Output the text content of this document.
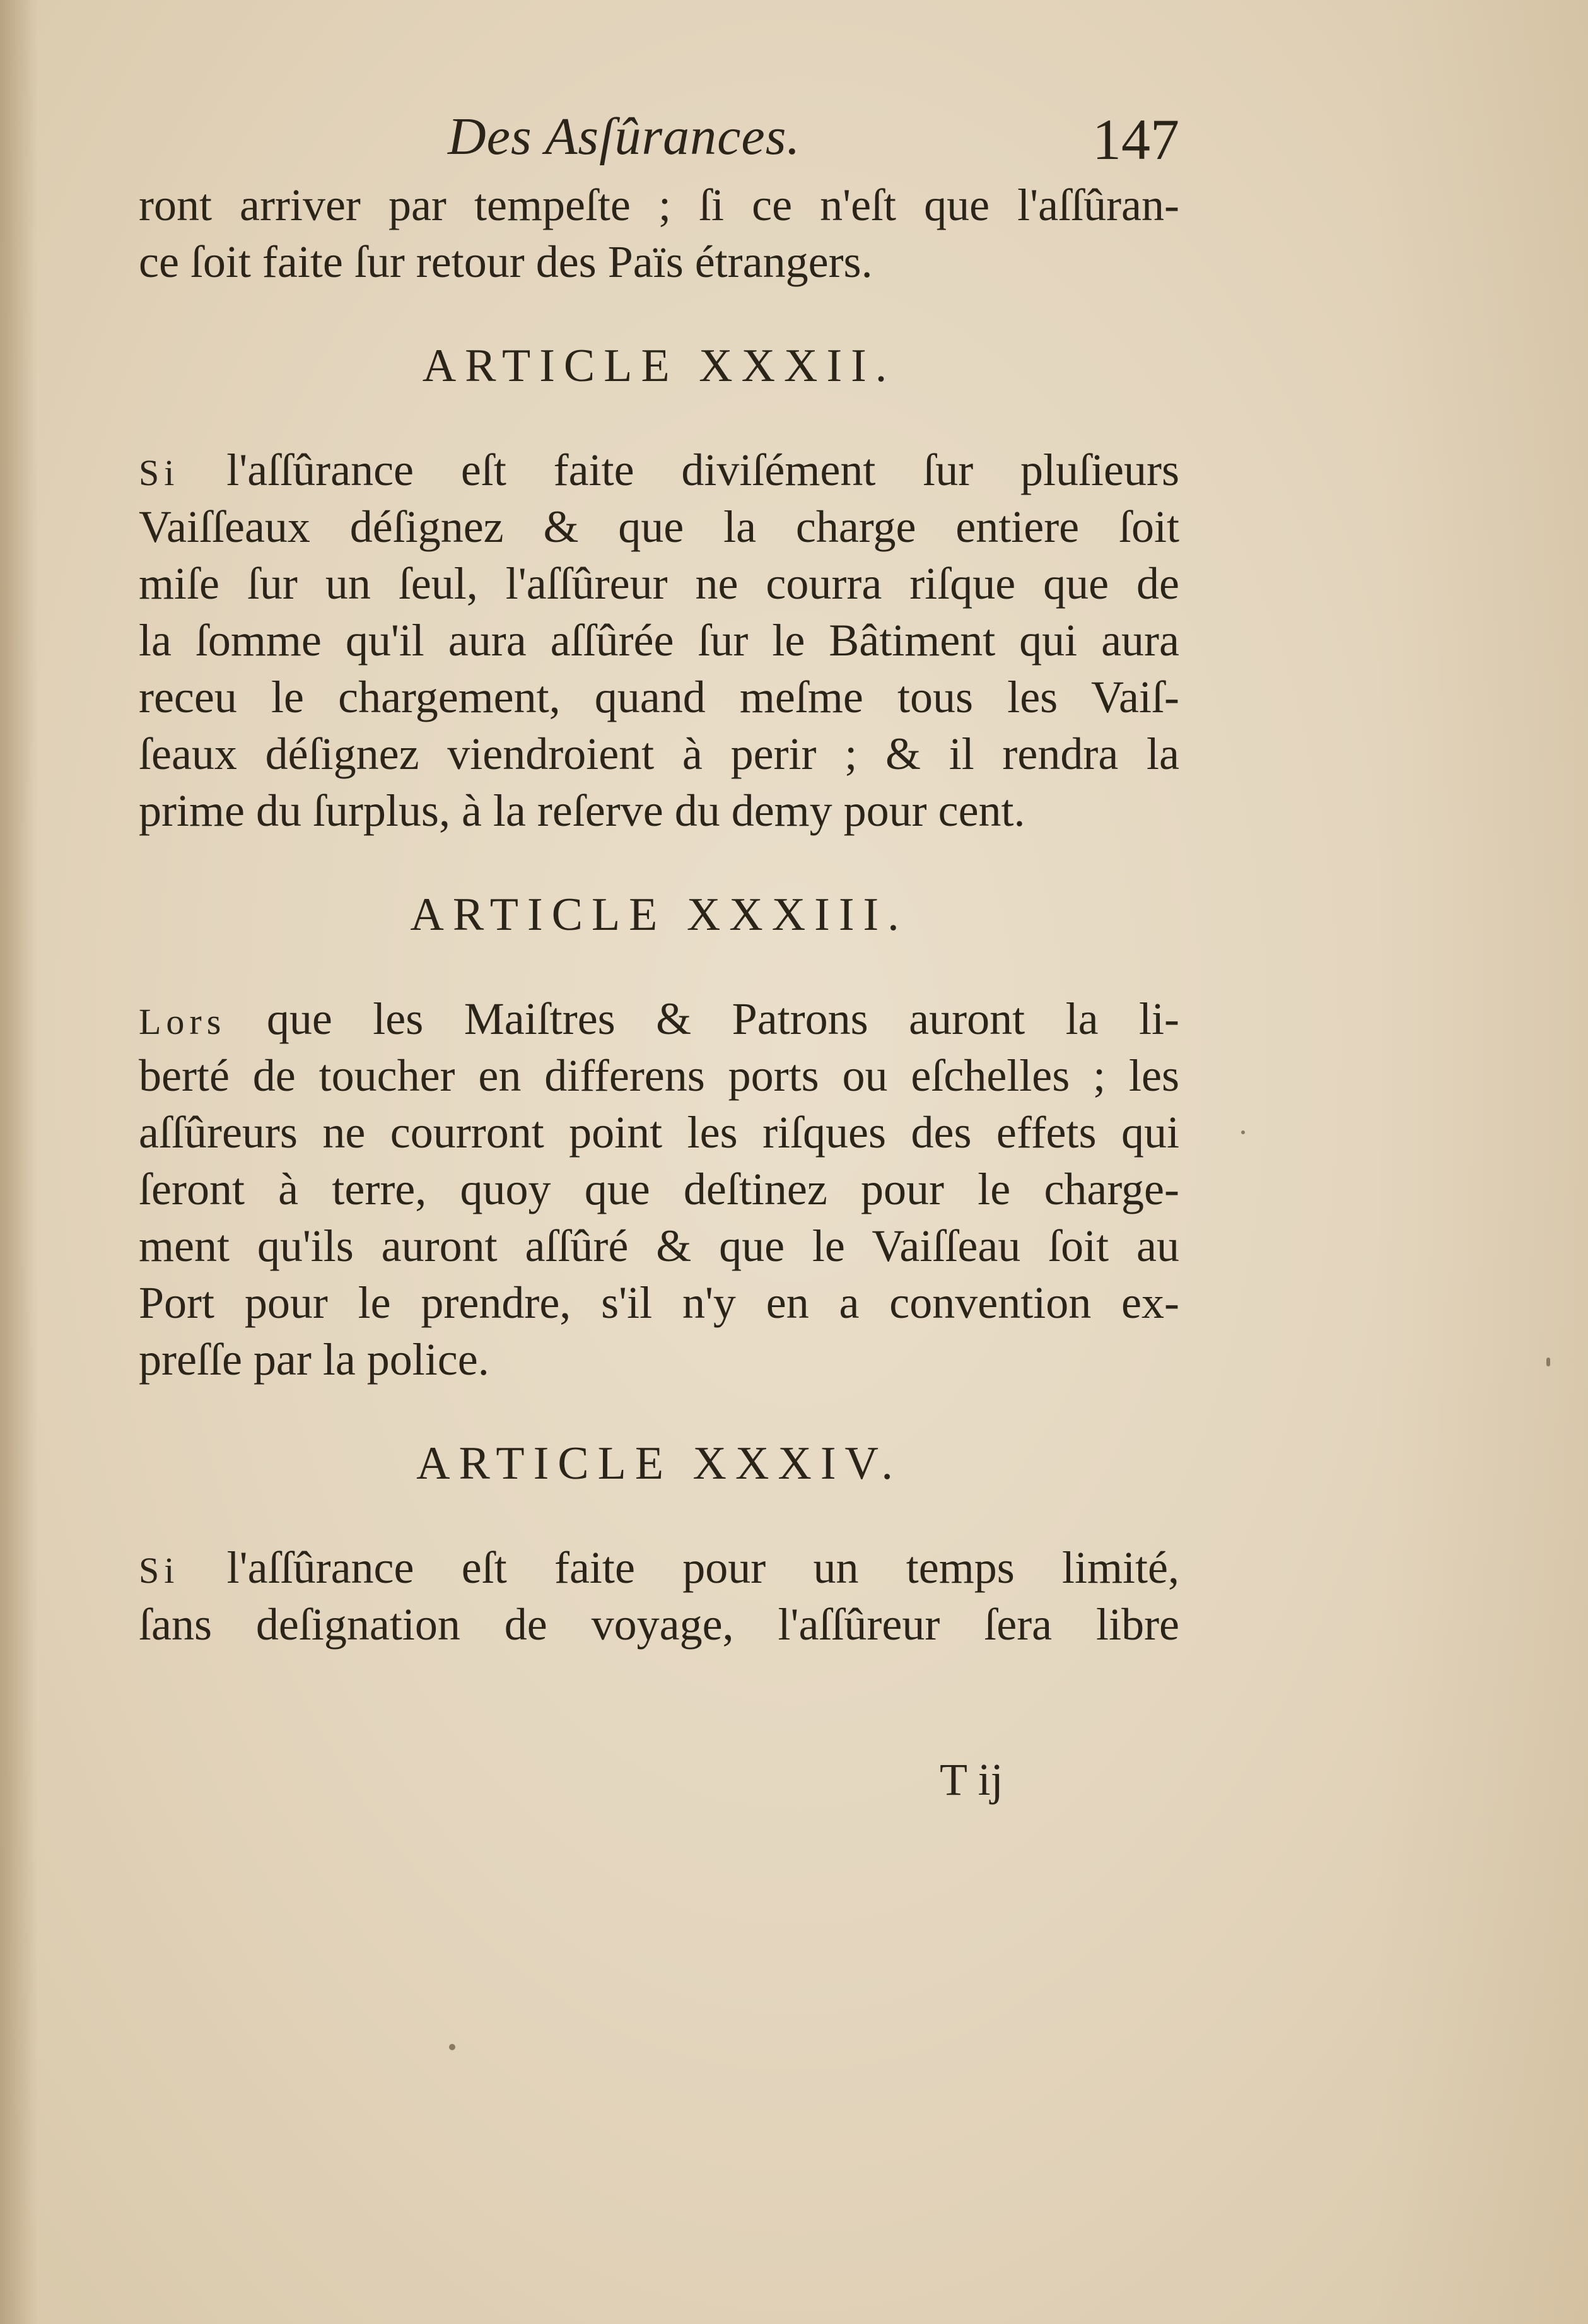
Des Asſûrances.	147
ront arriver par tempeſte ; ſi ce n'eſt que l'aſſûran-
ce ſoit faite ſur retour des Païs étrangers.
ARTICLE XXXII.
Si l'aſſûrance eſt faite diviſément ſur pluſieurs
Vaiſſeaux déſignez & que la charge entiere ſoit
miſe ſur un ſeul, l'aſſûreur ne courra riſque que de
la ſomme qu'il aura aſſûrée ſur le Bâtiment qui aura
receu le chargement, quand meſme tous les Vaiſ-
ſeaux déſignez viendroient à perir ; & il rendra la
prime du ſurplus, à la reſerve du demy pour cent.
ARTICLE XXXIII.
Lors que les Maiſtres & Patrons auront la li-
berté de toucher en differens ports ou eſchelles ; les
aſſûreurs ne courront point les riſques des effets qui
ſeront à terre, quoy que deſtinez pour le charge-
ment qu'ils auront aſſûré & que le Vaiſſeau ſoit au
Port pour le prendre, s'il n'y en a convention ex-
preſſe par la police.
ARTICLE XXXIV.
Si l'aſſûrance eſt faite pour un temps limité,
ſans deſignation de voyage, l'aſſûreur ſera libre
T ij
